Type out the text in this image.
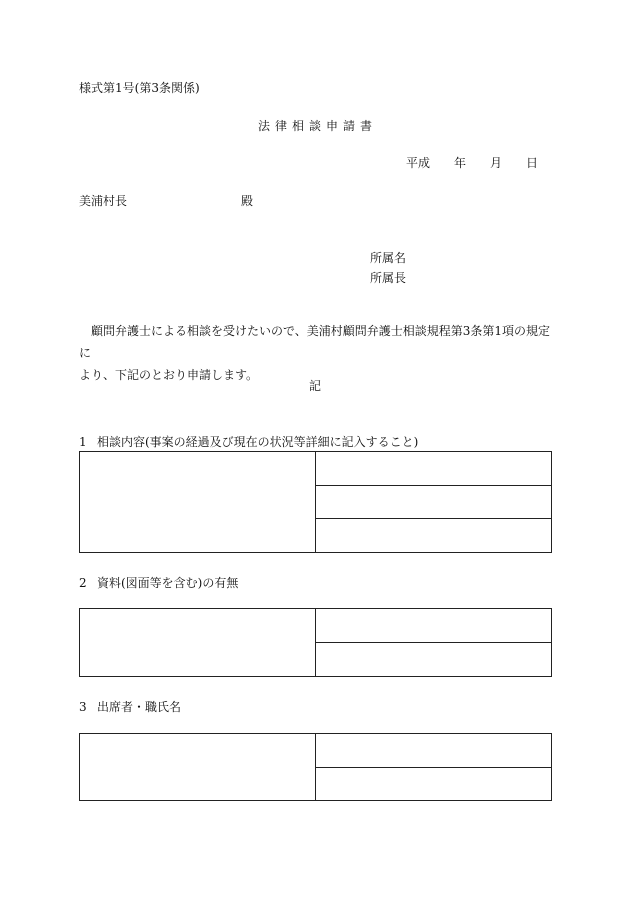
様式第1号(第3条関係)
法律相談申請書
平成 年 月 日
美浦村長	殿
所属名
所属長

顧問弁護士による相談を受けたいので、美浦村顧問弁護士相談規程第3条第1項の規定に

より、下記のとおり申請します。

記
1 相談内容(事案の経過及び現在の状況等詳細に記入すること)
2 資料(図面等を含む)の有無
3 出席者・職氏名
